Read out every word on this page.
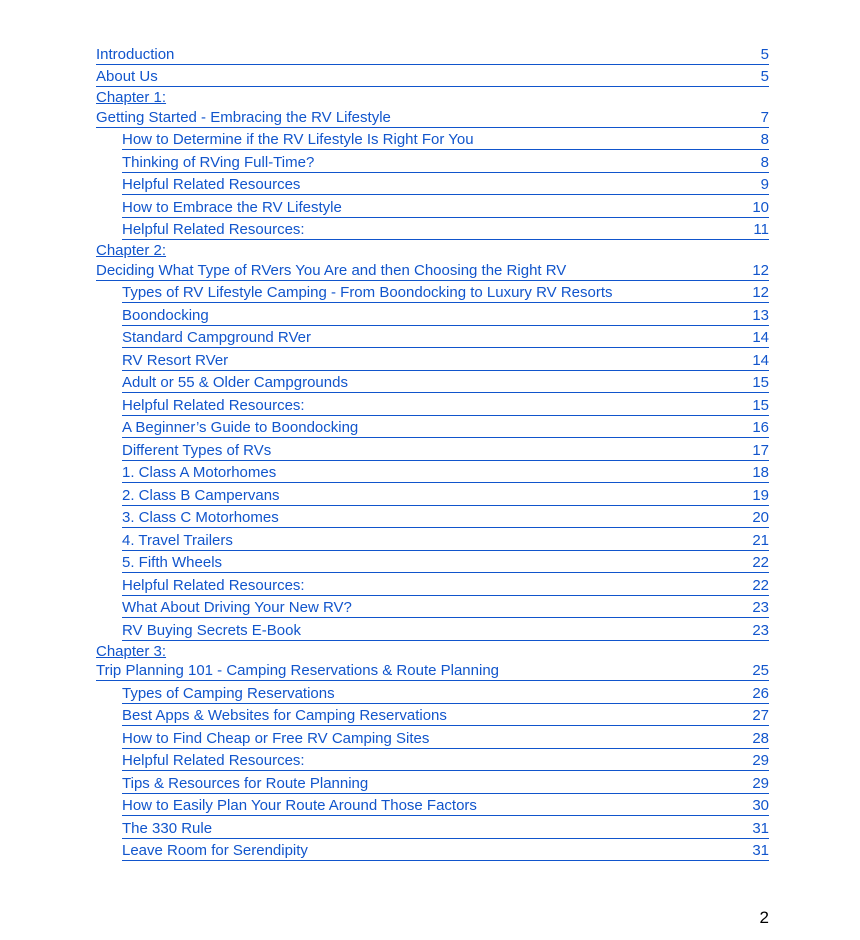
Introduction	5
About Us	5
Chapter 1:
Getting Started - Embracing the RV Lifestyle	7
How to Determine if the RV Lifestyle Is Right For You	8
Thinking of RVing Full-Time?	8
Helpful Related Resources	9
How to Embrace the RV Lifestyle	10
Helpful Related Resources:	11
Chapter 2:
Deciding What Type of RVers You Are and then Choosing the Right RV	12
Types of RV Lifestyle Camping - From Boondocking to Luxury RV Resorts	12
Boondocking	13
Standard Campground RVer	14
RV Resort RVer	14
Adult or 55 & Older Campgrounds	15
Helpful Related Resources:	15
A Beginner’s Guide to Boondocking	16
Different Types of RVs	17
1. Class A Motorhomes	18
2. Class B Campervans	19
3. Class C Motorhomes	20
4. Travel Trailers	21
5. Fifth Wheels	22
Helpful Related Resources:	22
What About Driving Your New RV?	23
RV Buying Secrets E-Book	23
Chapter 3:
Trip Planning 101 - Camping Reservations & Route Planning	25
Types of Camping Reservations	26
Best Apps & Websites for Camping Reservations	27
How to Find Cheap or Free RV Camping Sites	28
Helpful Related Resources:	29
Tips & Resources for Route Planning	29
How to Easily Plan Your Route Around Those Factors	30
The 330 Rule	31
Leave Room for Serendipity	31
2
